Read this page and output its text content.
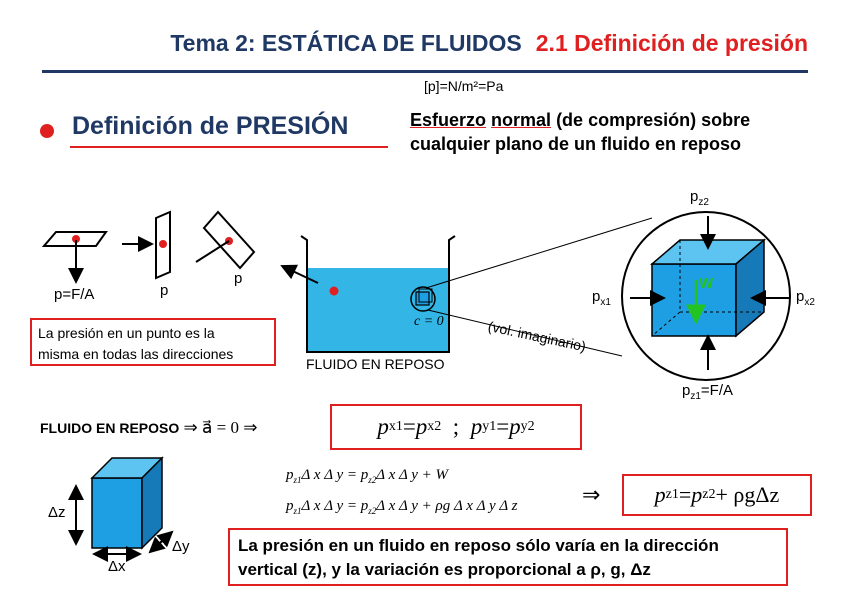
Tema 2: ESTÁTICA DE FLUIDOS 2.1 Definición de presión
[p]=N/m²=Pa
Definición de PRESIÓN	Esfuerzo normal (de compresión) sobre
cualquier plano de un fluido en reposo
p=F/A	p
p
c = 0
FLUIDO EN REPOSO
(vol. imaginario)
W
$p_{z2}$
$p_{z1}=F/A$
$p_{x1}$	$p_{x2}$
Δz
Δx
Δy
La presión en un punto es la
misma en todas las direcciones
FLUIDO EN REPOSO ⇒ a⃗ = 0 ⇒	p x1 = p x2 ; p y1 = p y2
$p_{z1}\Delta$ x Δ $y = p_{z2}\Delta$ x Δ y + W
$p_{z1}\Delta$ x Δ $y = p_{z2}\Delta$ x Δ y + ρg Δ x Δ y Δ z	⇒ p z1 = p z2 + ρgΔz
La presión en un fluido en reposo sólo varía en la dirección
vertical (z), y la variación es proporcional a ρ, g, Δz
